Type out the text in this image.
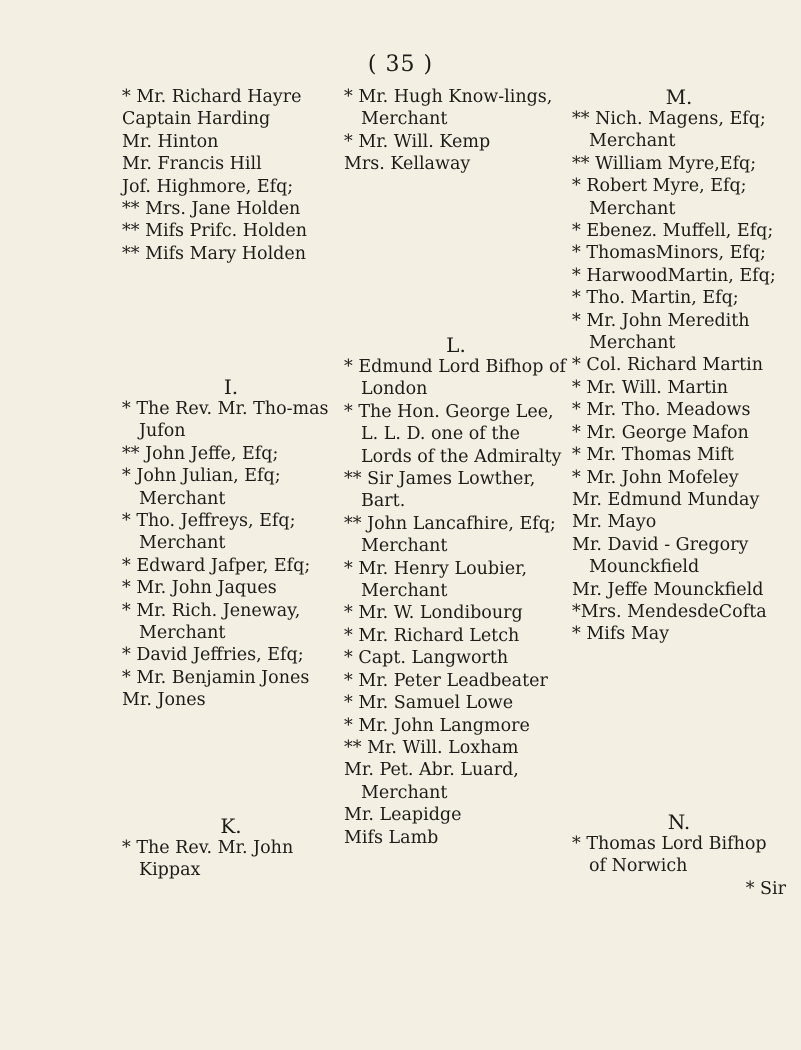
( 35 )
* Mr. Richard Hayre
Captain Harding
Mr. Hinton
Mr. Francis Hill
Jof. Highmore, Efq;
** Mrs. Jane Holden
** Mifs Prifc. Holden
** Mifs Mary Holden
I.
* The Rev. Mr. Tho-mas Jufon
** John Jeffe, Efq;
* John Julian, Efq; Merchant
* Tho. Jeffreys, Efq; Merchant
* Edward Jafper, Efq;
* Mr. John Jaques
* Mr. Rich. Jeneway, Merchant
* David Jeffries, Efq;
* Mr. Benjamin Jones
Mr. Jones
K.
* The Rev. Mr. John Kippax
* Mr. Hugh Know-lings, Merchant
* Mr. Will. Kemp
Mrs. Kellaway
L.
* Edmund Lord Bifhop of London
* The Hon. George Lee, L. L. D. one of the Lords of the Admiralty
** Sir James Lowther, Bart.
** John Lancafhire, Efq; Merchant
* Mr. Henry Loubier, Merchant
* Mr. W. Londibourg
* Mr. Richard Letch
* Capt. Langworth
* Mr. Peter Leadbeater
* Mr. Samuel Lowe
* Mr. John Langmore
** Mr. Will. Loxham
Mr. Pet. Abr. Luard, Merchant
Mr. Leapidge
Mifs Lamb
M.
** Nich. Magens, Efq; Merchant
** William Myre,Efq;
* Robert Myre, Efq; Merchant
* Ebenez. Muffell, Efq;
* ThomasMinors, Efq;
* HarwoodMartin, Efq;
* Tho. Martin, Efq;
* Mr. John Meredith Merchant
* Col. Richard Martin
* Mr. Will. Martin
* Mr. Tho. Meadows
* Mr. George Mafon
* Mr. Thomas Mift
* Mr. John Mofeley
Mr. Edmund Munday
Mr. Mayo
Mr. David - Gregory Mounckfield
Mr. Jeffe Mounckfield
*Mrs. MendesdeCofta
* Mifs May
N.
* Thomas Lord Bifhop of Norwich
* Sir
